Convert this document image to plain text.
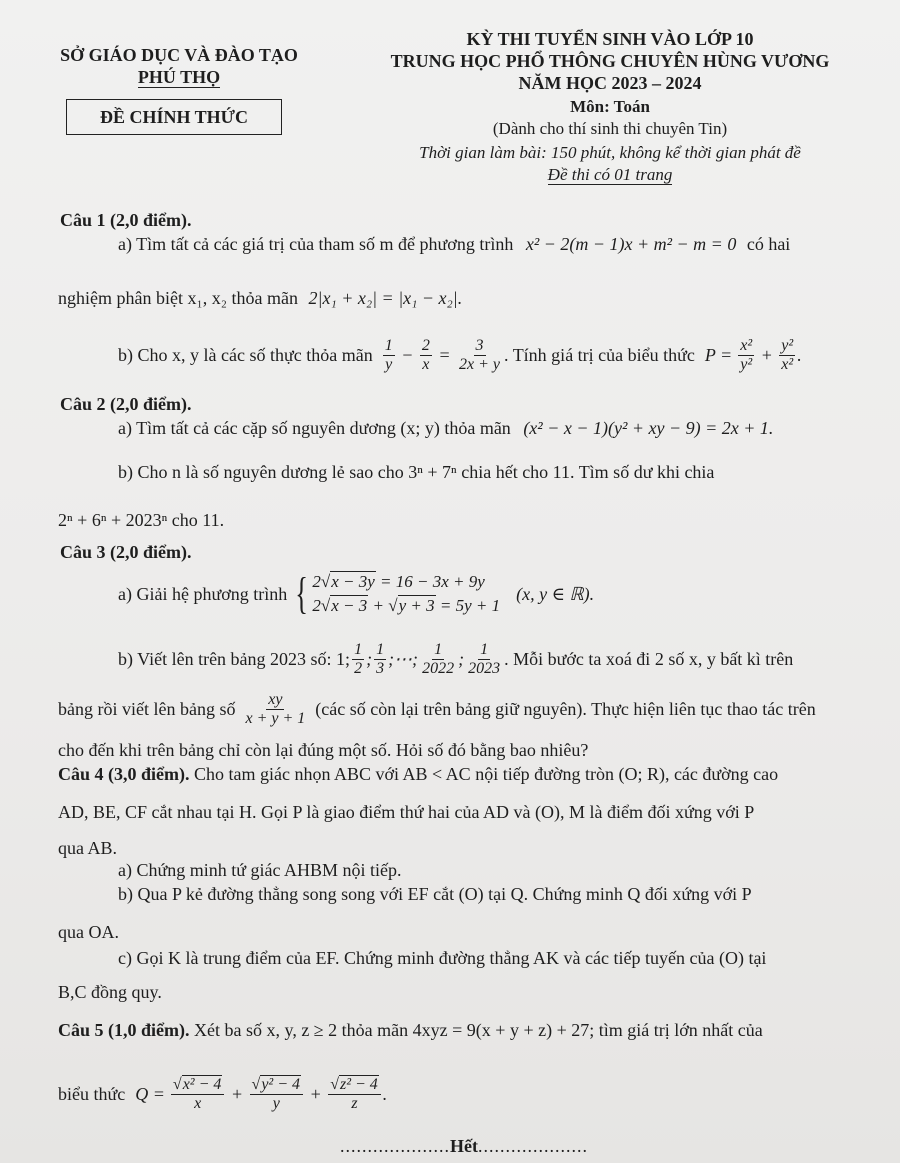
SỞ GIÁO DỤC VÀ ĐÀO TẠO
PHÚ THỌ
ĐỀ CHÍNH THỨC
KỲ THI TUYỂN SINH VÀO LỚP 10
TRUNG HỌC PHỔ THÔNG CHUYÊN HÙNG VƯƠNG
NĂM HỌC 2023 – 2024
Môn: Toán
(Dành cho thí sinh thi chuyên Tin)
Thời gian làm bài: 150 phút, không kể thời gian phát đề
Đề thi có 01 trang
Câu 1 (2,0 điểm).
a) Tìm tất cả các giá trị của tham số m để phương trình x² − 2(m − 1)x + m² − m = 0 có hai
nghiệm phân biệt x₁, x₂ thỏa mãn 2|x₁ + x₂| = |x₁ − x₂|.
b) Cho x, y là các số thực thỏa mãn $\frac{1}{y} - \frac{2}{x} = \frac{3}{2x + y}$ . Tính giá trị của biểu thức $P = \frac{\text{x²}}{\text{y²}} + \frac{\text{y²}}{\text{x²}}$ .
Câu 2 (2,0 điểm).
a) Tìm tất cả các cặp số nguyên dương (x; y) thỏa mãn (x² − x − 1)(y² + xy − 9) = 2x + 1.
b) Cho n là số nguyên dương lẻ sao cho 3ⁿ + 7ⁿ chia hết cho 11. Tìm số dư khi chia
2ⁿ + 6ⁿ + 2023ⁿ cho 11.
Câu 3 (2,0 điểm).
a) Giải hệ phương trình { 2√x − 3y = 16 − 3x + 9y
2√x − 3 + √y + 3 = 5y + 1
(x, y ∈ ℝ).
b) Viết lên trên bảng 2023 số: 1; $\frac{1}{2}$ ; $\frac{1}{3}$ ;⋯; $\frac{1}{2022}$ ; $\frac{1}{2023}$ . Mỗi bước ta xoá đi 2 số x, y bất kì trên
bảng rồi viết lên bảng số $\frac{xy}{x + y + 1}$ (các số còn lại trên bảng giữ nguyên). Thực hiện liên tục thao tác trên
cho đến khi trên bảng chỉ còn lại đúng một số. Hỏi số đó bằng bao nhiêu?
Câu 4 (3,0 điểm). Cho tam giác nhọn ABC với AB < AC nội tiếp đường tròn (O; R), các đường cao
AD, BE, CF cắt nhau tại H. Gọi P là giao điểm thứ hai của AD và (O), M là điểm đối xứng với P
qua AB.
a) Chứng minh tứ giác AHBM nội tiếp.
b) Qua P kẻ đường thẳng song song với EF cắt (O) tại Q. Chứng minh Q đối xứng với P
qua OA.
c) Gọi K là trung điểm của EF. Chứng minh đường thẳng AK và các tiếp tuyến của (O) tại
B,C đồng quy.
Câu 5 (1,0 điểm). Xét ba số x, y, z ≥ 2 thỏa mãn 4xyz = 9(x + y + z) + 27; tìm giá trị lớn nhất của
biểu thức $Q = \frac{\text{√x² − 4}}{x} + \frac{\text{√y² − 4}}{y} + \frac{\text{√z² − 4}}{z}$ .
....................Hết....................
